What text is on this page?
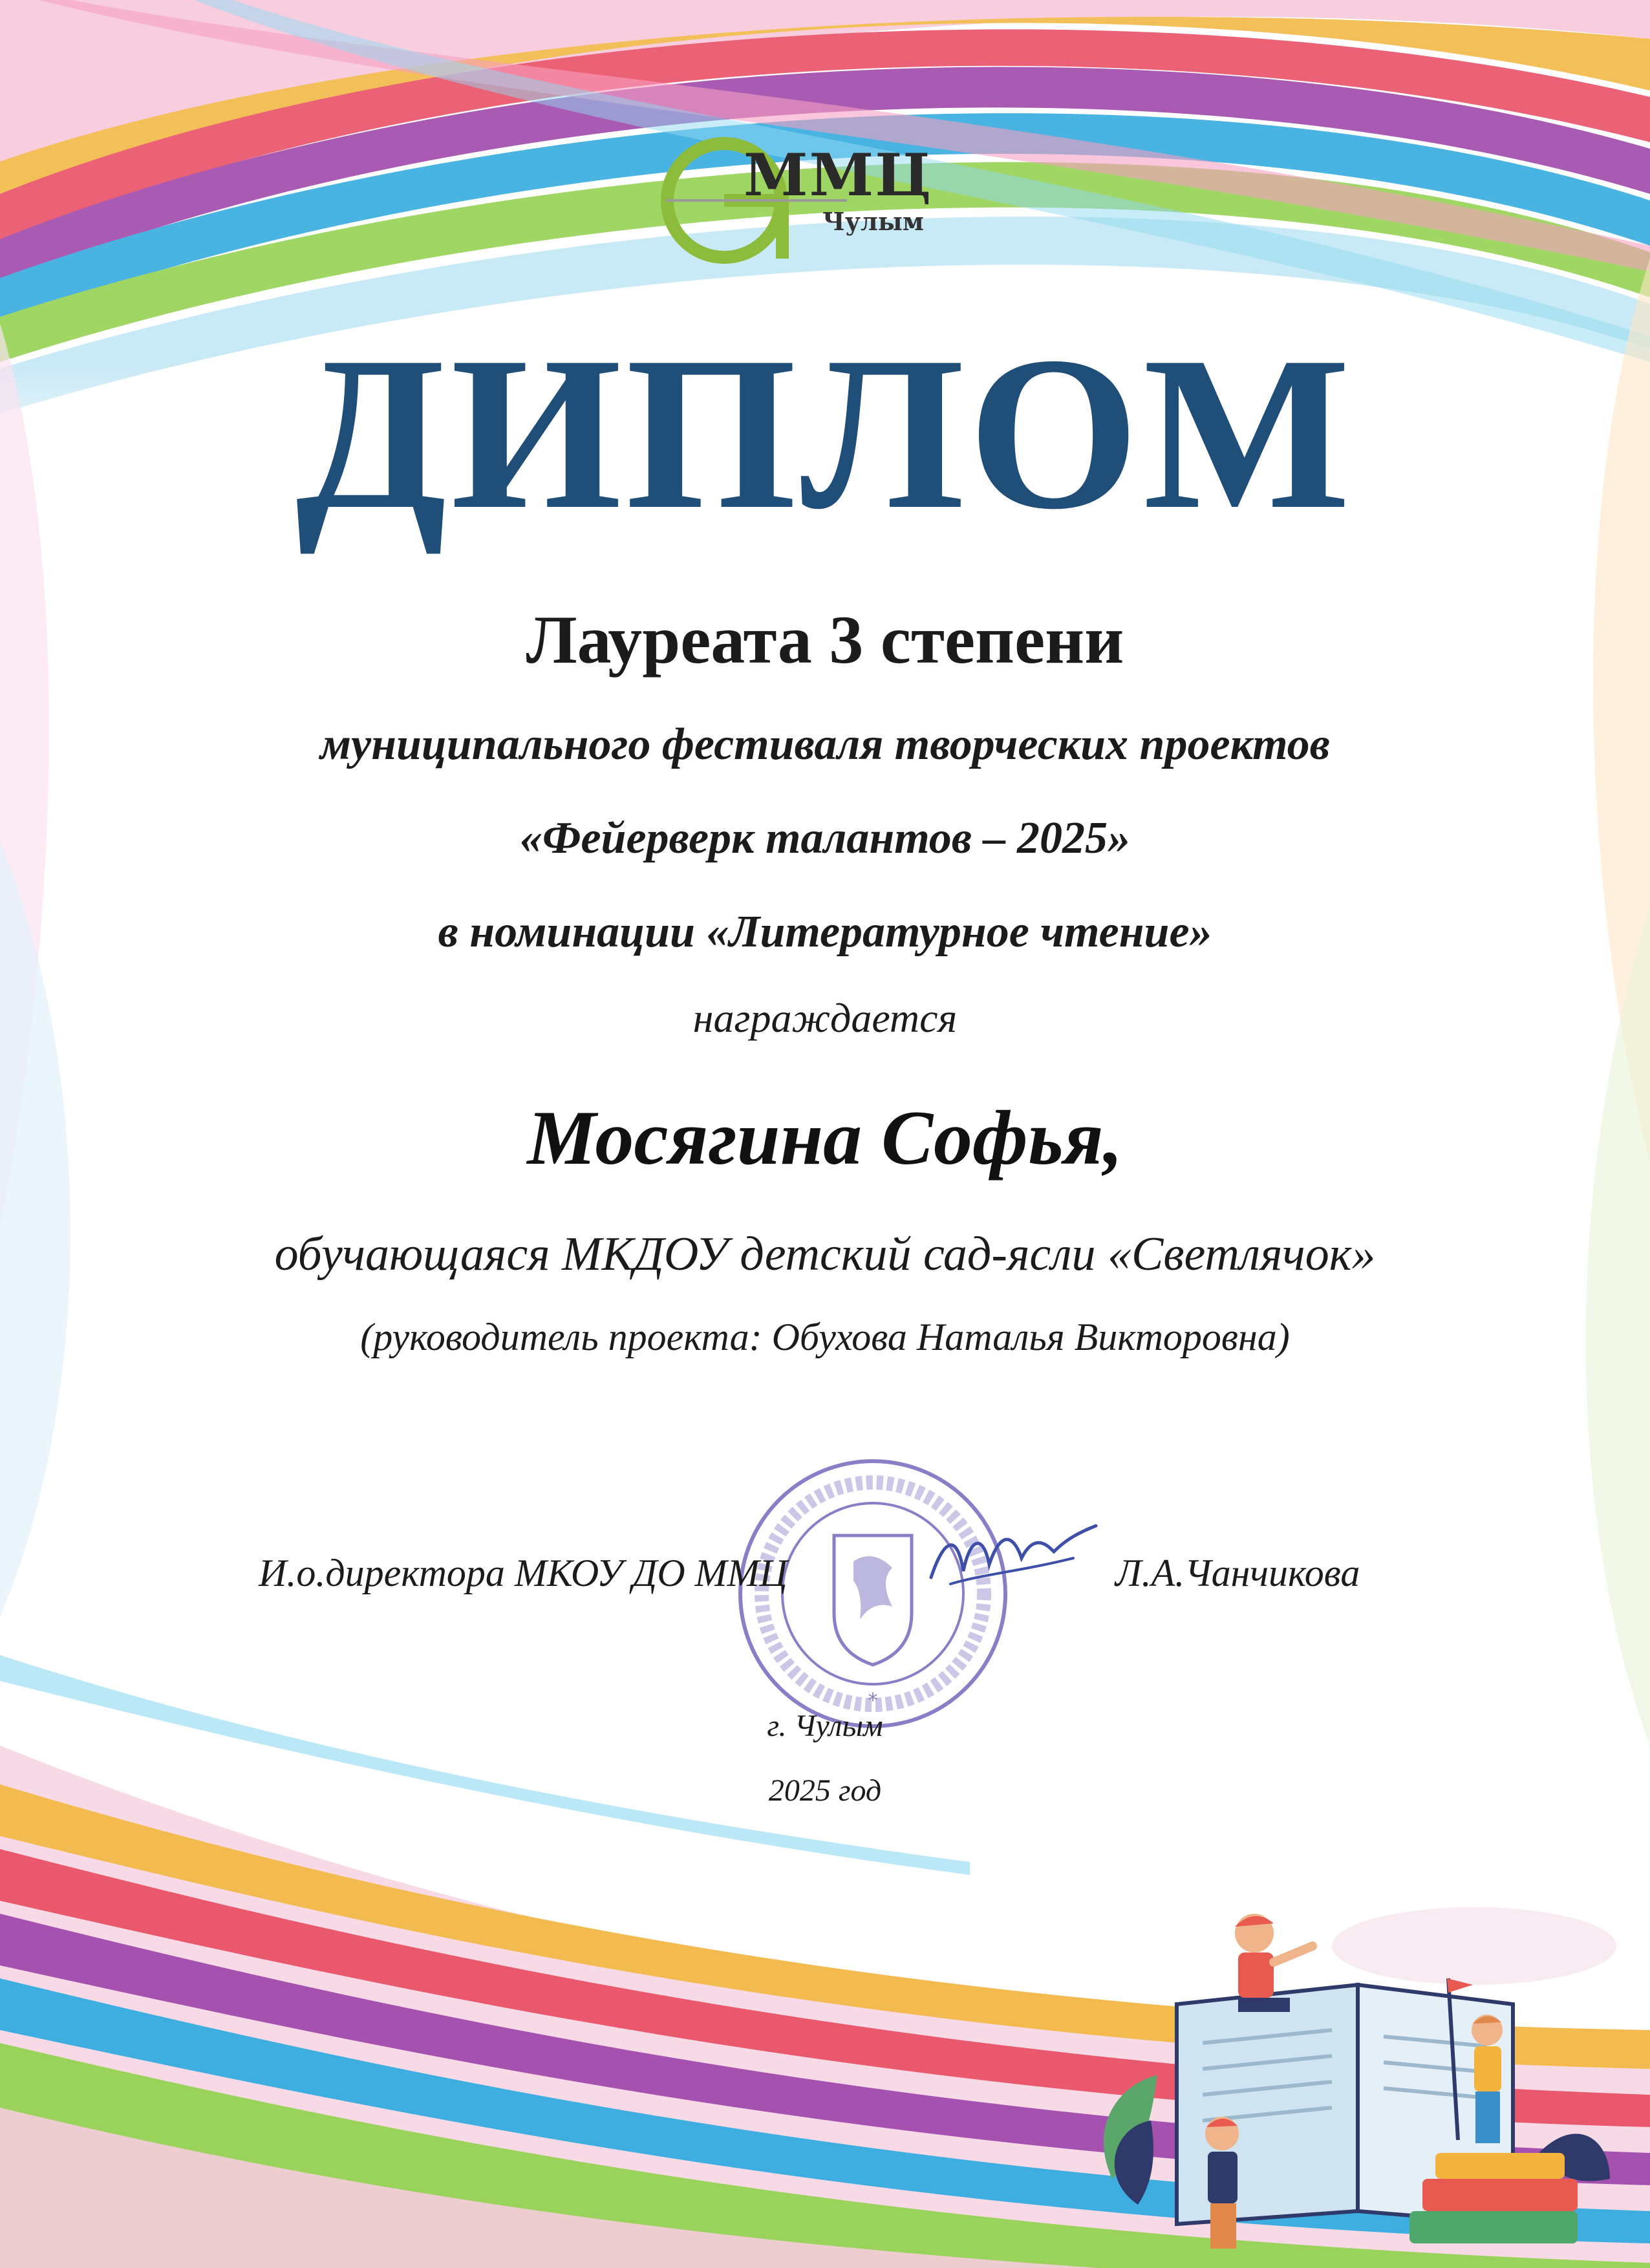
ММЦ

Чулым

ДИПЛОМ

Лауреата 3 степени

муниципального фестиваля творческих проектов

«Фейерверк талантов – 2025»

в номинации «Литературное чтение»

награждается

Мосягина Софья,

обучающаяся МКДОУ детский сад-ясли «Светлячок»

(руководитель проекта: Обухова Наталья Викторовна)

*

И.о.директора МКОУ ДО ММЦ	Л.А.Чанчикова

г. Чулым

2025 год
